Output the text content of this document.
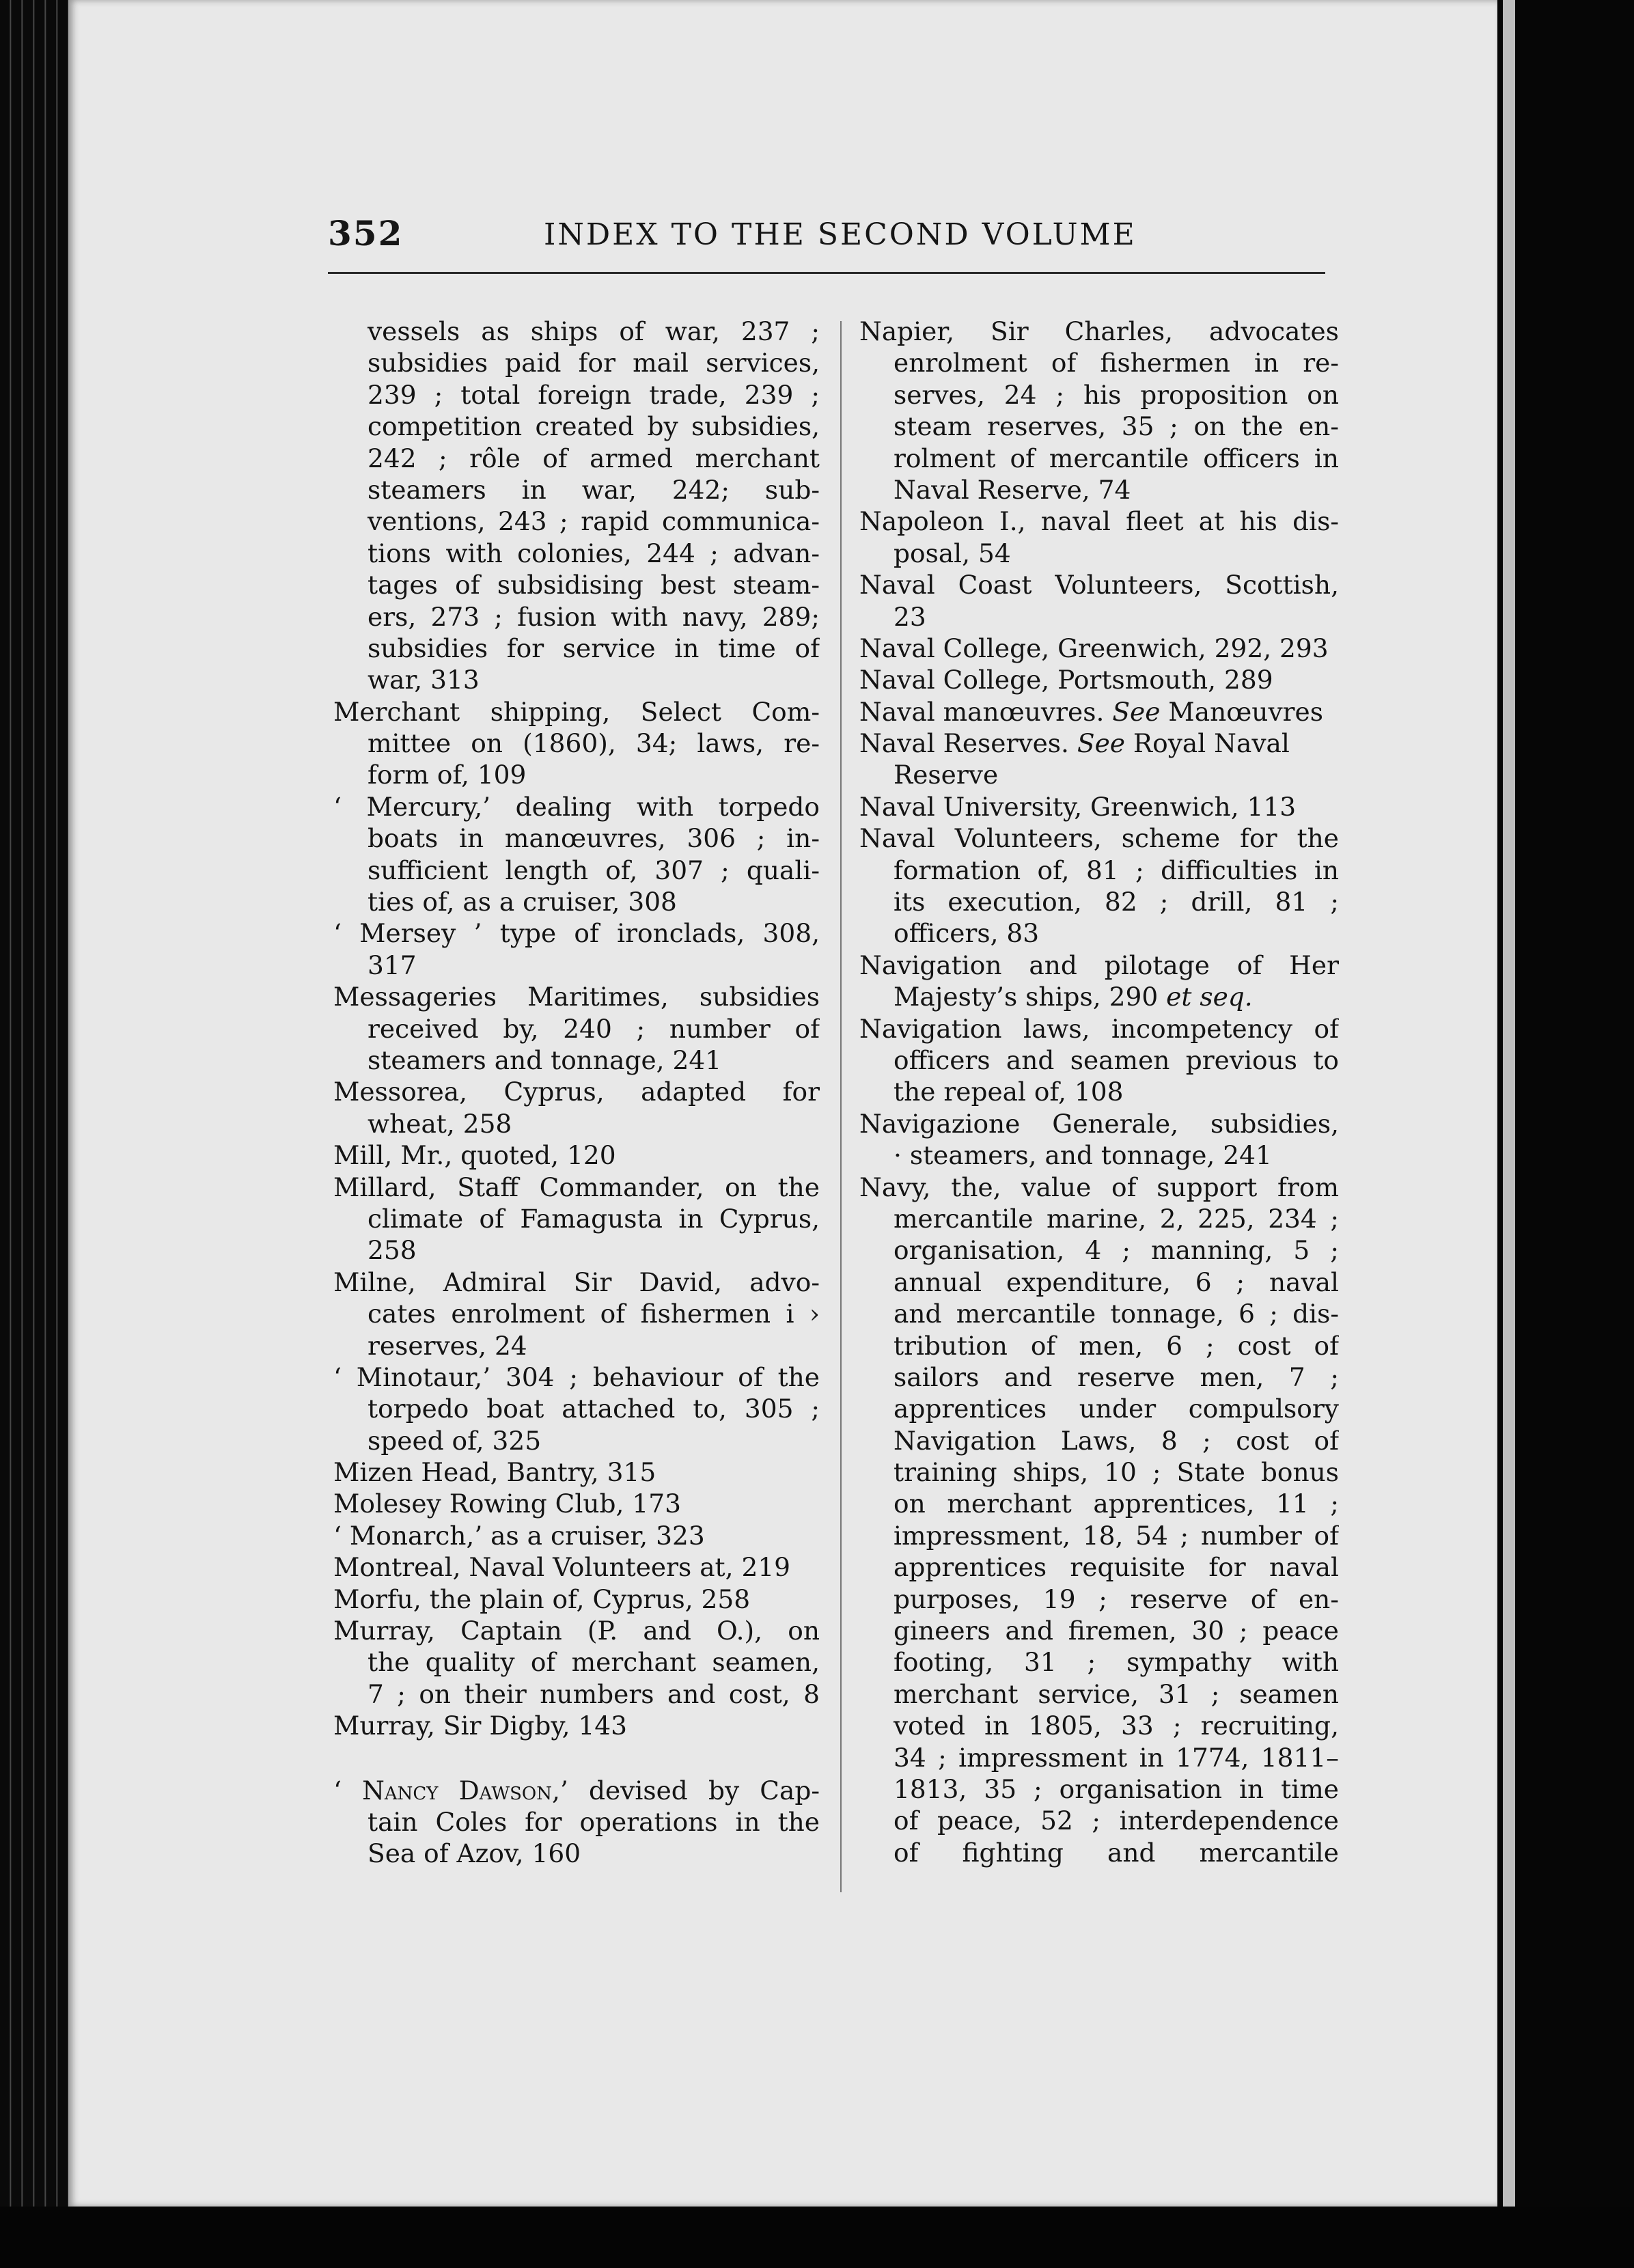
352	INDEX TO THE SECOND VOLUME
vessels as ships of war, 237 ;
subsidies paid for mail services,
239 ; total foreign trade, 239 ;
competition created by subsidies,
242 ; rôle of armed merchant
steamers in war, 242; sub-
ventions, 243 ; rapid communica-
tions with colonies, 244 ; advan-
tages of subsidising best steam-
ers, 273 ; fusion with navy, 289;
subsidies for service in time of
war, 313
Merchant shipping, Select Com-
mittee on (1860), 34; laws, re-
form of, 109
‘ Mercury,’ dealing with torpedo
boats in manœuvres, 306 ; in-
sufficient length of, 307 ; quali-
ties of, as a cruiser, 308
‘ Mersey ’ type of ironclads, 308,
317
Messageries Maritimes, subsidies
received by, 240 ; number of
steamers and tonnage, 241
Messorea, Cyprus, adapted for
wheat, 258
Mill, Mr., quoted, 120
Millard, Staff Commander, on the
climate of Famagusta in Cyprus,
258
Milne, Admiral Sir David, advo-
cates enrolment of fishermen i ›
reserves, 24
‘ Minotaur,’ 304 ; behaviour of the
torpedo boat attached to, 305 ;
speed of, 325
Mizen Head, Bantry, 315
Molesey Rowing Club, 173
‘ Monarch,’ as a cruiser, 323
Montreal, Naval Volunteers at, 219
Morfu, the plain of, Cyprus, 258
Murray, Captain (P. and O.), on
the quality of merchant seamen,
7 ; on their numbers and cost, 8
Murray, Sir Digby, 143
‘ Nancy Dawson,’ devised by Cap-
tain Coles for operations in the
Sea of Azov, 160
Napier, Sir Charles, advocates
enrolment of fishermen in re-
serves, 24 ; his proposition on
steam reserves, 35 ; on the en-
rolment of mercantile officers in
Naval Reserve, 74
Napoleon I., naval fleet at his dis-
posal, 54
Naval Coast Volunteers, Scottish,
23
Naval College, Greenwich, 292, 293
Naval College, Portsmouth, 289
Naval manœuvres. See Manœuvres
Naval Reserves. See Royal Naval
Reserve
Naval University, Greenwich, 113
Naval Volunteers, scheme for the
formation of, 81 ; difficulties in
its execution, 82 ; drill, 81 ;
officers, 83
Navigation and pilotage of Her
Majesty’s ships, 290 et seq.
Navigation laws, incompetency of
officers and seamen previous to
the repeal of, 108
Navigazione Generale, subsidies,
· steamers, and tonnage, 241
Navy, the, value of support from
mercantile marine, 2, 225, 234 ;
organisation, 4 ; manning, 5 ;
annual expenditure, 6 ; naval
and mercantile tonnage, 6 ; dis-
tribution of men, 6 ; cost of
sailors and reserve men, 7 ;
apprentices under compulsory
Navigation Laws, 8 ; cost of
training ships, 10 ; State bonus
on merchant apprentices, 11 ;
impressment, 18, 54 ; number of
apprentices requisite for naval
purposes, 19 ; reserve of en-
gineers and firemen, 30 ; peace
footing, 31 ; sympathy with
merchant service, 31 ; seamen
voted in 1805, 33 ; recruiting,
34 ; impressment in 1774, 1811–
1813, 35 ; organisation in time
of peace, 52 ; interdependence
of fighting and mercantile
